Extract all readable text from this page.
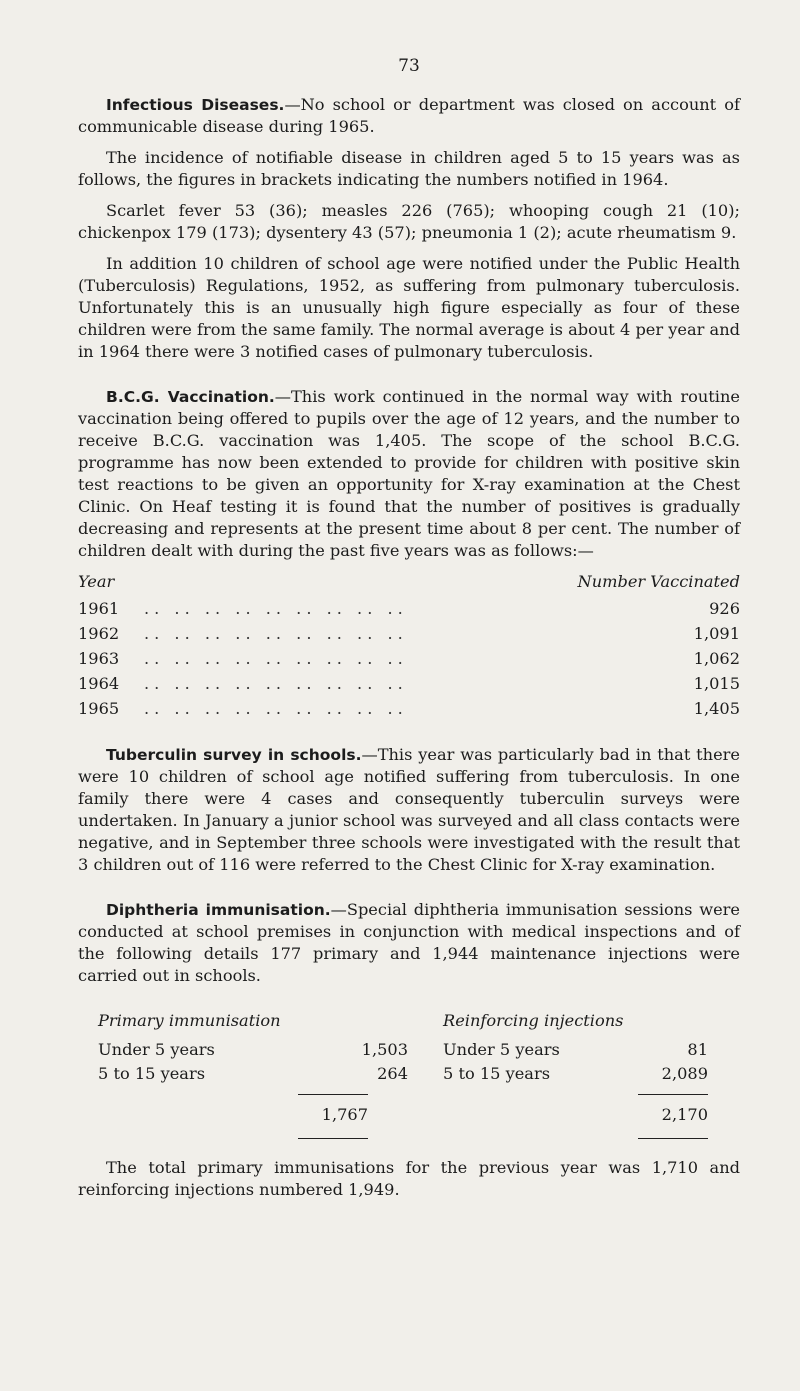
73

Infectious Diseases.—No school or department was closed on account of communicable disease during 1965.

The incidence of notifiable disease in children aged 5 to 15 years was as follows, the figures in brackets indicating the numbers notified in 1964.

Scarlet fever 53 (36); measles 226 (765); whooping cough 21 (10); chickenpox 179 (173); dysentery 43 (57); pneumonia 1 (2); acute rheumatism 9.

In addition 10 children of school age were notified under the Public Health (Tuberculosis) Regulations, 1952, as suffering from pulmonary tuberculosis. Unfortunately this is an unusually high figure especially as four of these children were from the same family. The normal average is about 4 per year and in 1964 there were 3 notified cases of pulmonary tuberculosis.

B.C.G. Vaccination.—This work continued in the normal way with routine vaccination being offered to pupils over the age of 12 years, and the number to receive B.C.G. vaccination was 1,405. The scope of the school B.C.G. programme has now been extended to provide for children with positive skin test reactions to be given an opportunity for X-ray examination at the Chest Clinic. On Heaf testing it is found that the number of positives is gradually decreasing and represents at the present time about 8 per cent. The number of children dealt with during the past five years was as follows:—

Year	Number Vaccinated
1961	.. .. .. .. .. .. .. .. ..	926
1962	.. .. .. .. .. .. .. .. ..	1,091
1963	.. .. .. .. .. .. .. .. ..	1,062
1964	.. .. .. .. .. .. .. .. ..	1,015
1965	.. .. .. .. .. .. .. .. ..	1,405

Tuberculin survey in schools.—This year was particularly bad in that there were 10 children of school age notified suffering from tuberculosis. In one family there were 4 cases and consequently tuberculin surveys were undertaken. In January a junior school was surveyed and all class contacts were negative, and in September three schools were investigated with the result that 3 children out of 116 were referred to the Chest Clinic for X-ray examination.

Diphtheria immunisation.—Special diphtheria immunisation sessions were conducted at school premises in conjunction with medical inspections and of the following details 177 primary and 1,944 maintenance injections were carried out in schools.

Primary immunisation
Under 5 years	1,503
5 to 15 years	264
1,767
Reinforcing injections
Under 5 years	81
5 to 15 years	2,089
2,170

The total primary immunisations for the previous year was 1,710 and reinforcing injections numbered 1,949.
